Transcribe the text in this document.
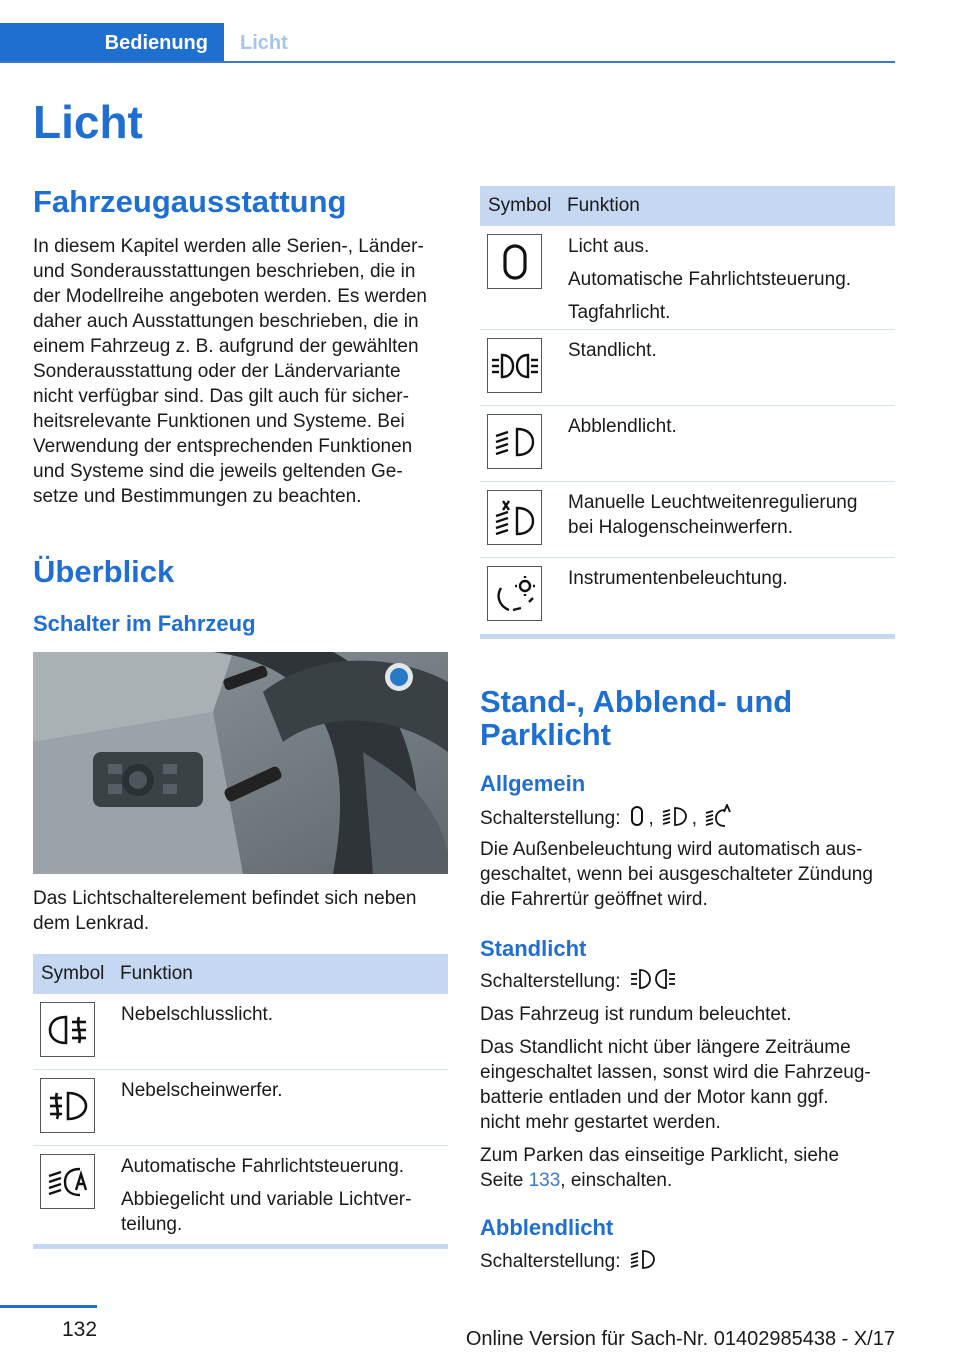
Bedienung	Licht
Licht
Fahrzeugausstattung

In diesem Kapitel werden alle Serien-, Länder-

und Sonderausstattungen beschrieben, die in

der Modellreihe angeboten werden. Es werden

daher auch Ausstattungen beschrieben, die in

einem Fahrzeug z. B. aufgrund der gewählten

Sonderausstattung oder der Ländervariante

nicht verfügbar sind. Das gilt auch für sicher-

heitsrelevante Funktionen und Systeme. Bei

Verwendung der entsprechenden Funktionen

und Systeme sind die jeweils geltenden Ge-

setze und Bestimmungen zu beachten.

Überblick
Schalter im Fahrzeug

Das Lichtschalterelement befindet sich neben

dem Lenkrad.

Symbol Funktion

Nebelschlusslicht.

Nebelscheinwerfer.

Automatische Fahrlichtsteuerung.

Abbiegelicht und variable Lichtver-
teilung.

Symbol Funktion

Licht aus.

Automatische Fahrlichtsteuerung.

Tagfahrlicht.

Standlicht.

Abblendlicht.

Manuelle Leuchtweitenregulierung
bei Halogenscheinwerfern.

Instrumentenbeleuchtung.

Stand-, Abblend- und
Parklicht
Allgemein

Schalterstellung: , ,

Die Außenbeleuchtung wird automatisch aus-

geschaltet, wenn bei ausgeschalteter Zündung

die Fahrertür geöffnet wird.

Standlicht

Schalterstellung:

Das Fahrzeug ist rundum beleuchtet.

Das Standlicht nicht über längere Zeiträume

eingeschaltet lassen, sonst wird die Fahrzeug-

batterie entladen und der Motor kann ggf.

nicht mehr gestartet werden.

Zum Parken das einseitige Parklicht, siehe

Seite 133, einschalten.

Abblendlicht

Schalterstellung:

132	Online Version für Sach-Nr. 01402985438 - X/17
